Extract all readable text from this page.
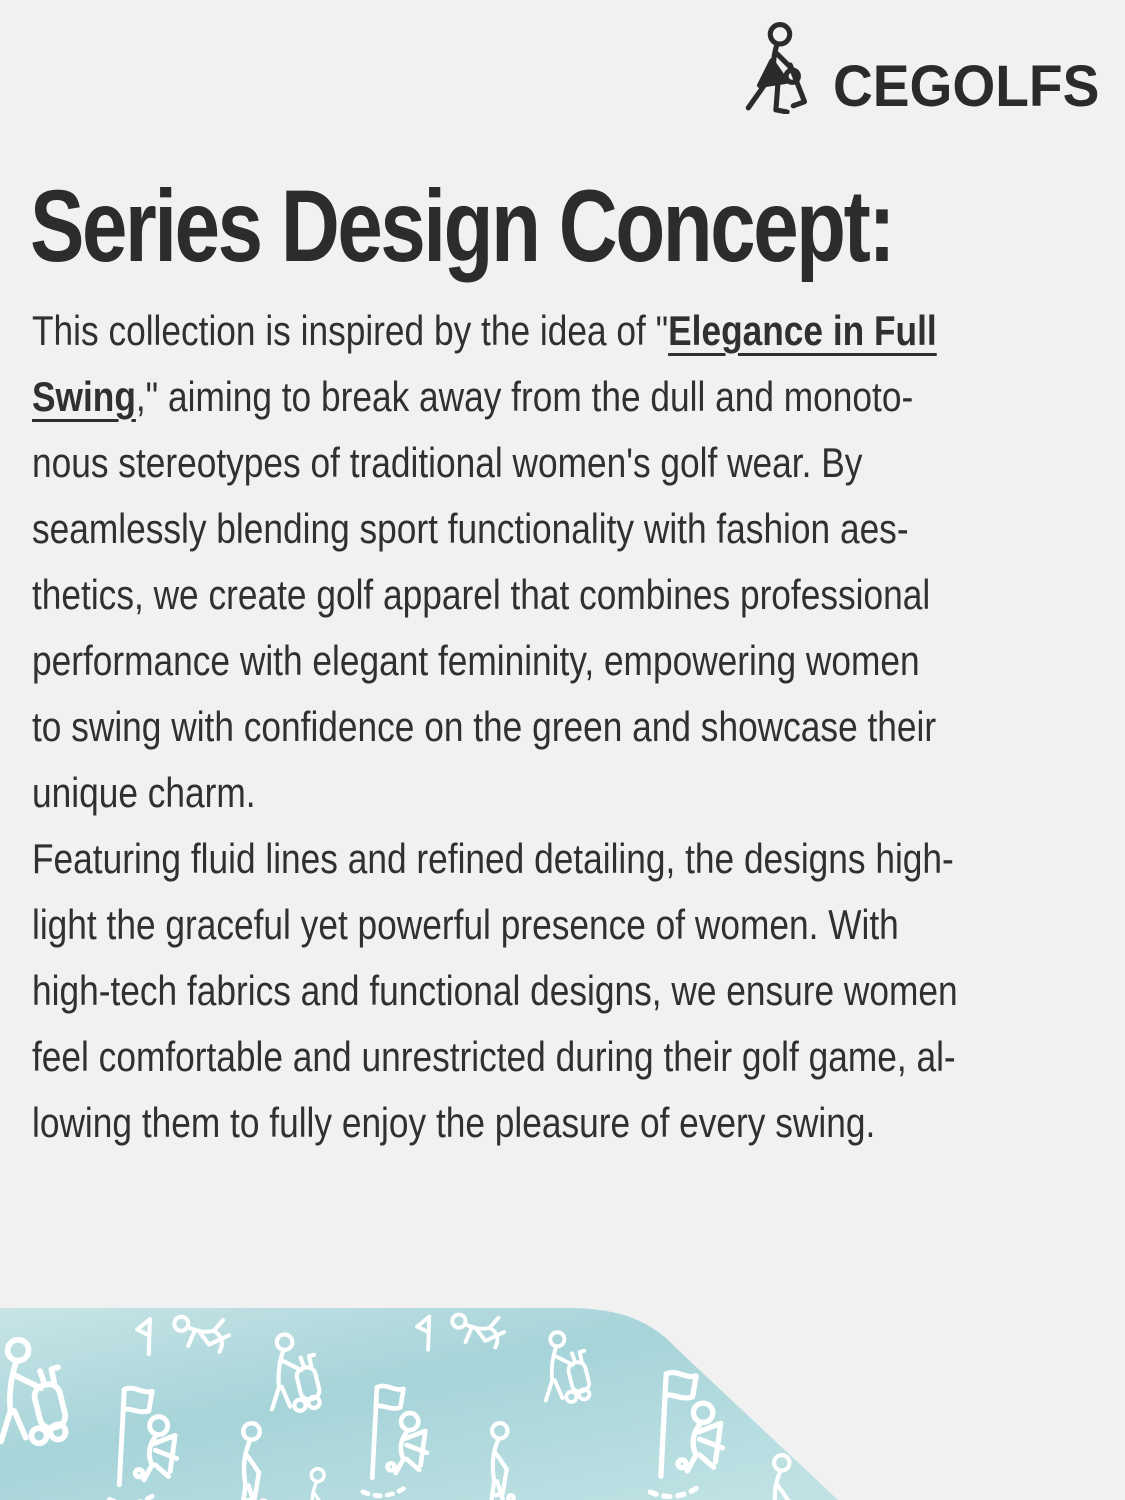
CEGOLFS
Series Design Concept:
This collection is inspired by the idea of "Elegance in Full
Swing," aiming to break away from the dull and monoto-
nous stereotypes of traditional women's golf wear. By
seamlessly blending sport functionality with fashion aes-
thetics, we create golf apparel that combines professional
performance with elegant femininity, empowering women
to swing with confidence on the green and showcase their
unique charm.
Featuring fluid lines and refined detailing, the designs high-
light the graceful yet powerful presence of women. With
high-tech fabrics and functional designs, we ensure women
feel comfortable and unrestricted during their golf game, al-
lowing them to fully enjoy the pleasure of every swing.
